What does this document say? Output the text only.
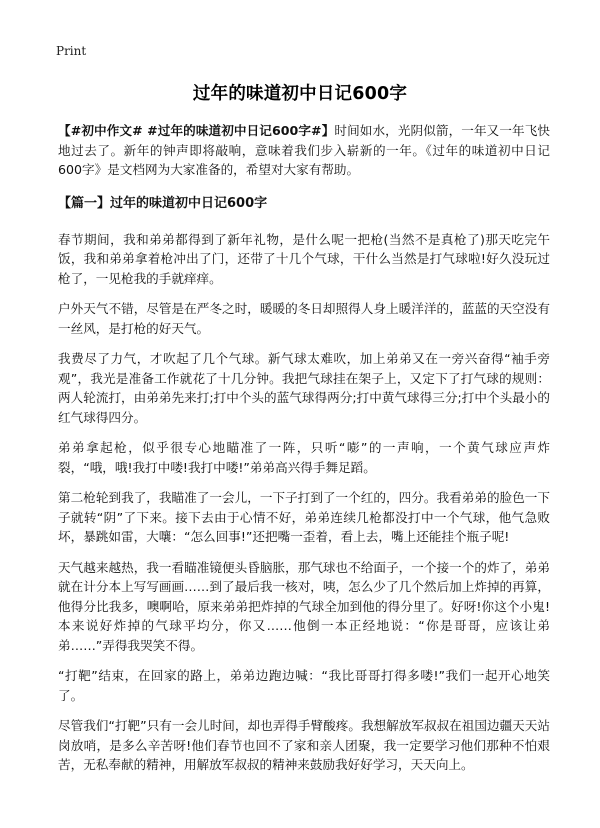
Print
过年的味道初中日记600字

【#初中作文# #过年的味道初中日记600字#】时间如水，光阴似箭，一年又一年飞快地过去了。新年的钟声即将敲响，意味着我们步入崭新的一年。《过年的味道初中日记600字》是文档网为大家准备的，希望对大家有帮助。

【篇一】过年的味道初中日记600字

春节期间，我和弟弟都得到了新年礼物，是什么呢一把枪(当然不是真枪了)那天吃完午饭，我和弟弟拿着枪冲出了门，还带了十几个气球，干什么当然是打气球啦!好久没玩过枪了，一见枪我的手就痒痒。

户外天气不错，尽管是在严冬之时，暖暖的冬日却照得人身上暖洋洋的，蓝蓝的天空没有一丝风，是打枪的好天气。

我费尽了力气，才吹起了几个气球。新气球太难吹，加上弟弟又在一旁兴奋得“袖手旁观”，我光是准备工作就花了十几分钟。我把气球挂在架子上，又定下了打气球的规则：两人轮流打，由弟弟先来打;打中个头的蓝气球得两分;打中黄气球得三分;打中个头最小的红气球得四分。

弟弟拿起枪，似乎很专心地瞄准了一阵，只听“嘭”的一声响，一个黄气球应声炸裂，“哦，哦!我打中喽!我打中喽!”弟弟高兴得手舞足蹈。

第二枪轮到我了，我瞄准了一会儿，一下子打到了一个红的，四分。我看弟弟的脸色一下子就转“阴”了下来。接下去由于心情不好，弟弟连续几枪都没打中一个气球，他气急败坏，暴跳如雷，大嚷：“怎么回事!”还把嘴一歪着，看上去，嘴上还能挂个瓶子呢!

天气越来越热，我一看瞄准镜便头昏脑胀，那气球也不给面子，一个接一个的炸了，弟弟就在计分本上写写画画……到了最后我一核对，咦，怎么少了几个然后加上炸掉的再算，他得分比我多，噢啊哈，原来弟弟把炸掉的气球全加到他的得分里了。好呀!你这个小鬼!本来说好炸掉的气球平均分，你又……他倒一本正经地说：“你是哥哥，应该让弟弟……”弄得我哭笑不得。

“打靶”结束，在回家的路上，弟弟边跑边喊：“我比哥哥打得多喽!”我们一起开心地笑了。

尽管我们“打靶”只有一会儿时间，却也弄得手臂酸疼。我想解放军叔叔在祖国边疆天天站岗放哨，是多么辛苦呀!他们春节也回不了家和亲人团聚，我一定要学习他们那种不怕艰苦，无私奉献的精神，用解放军叔叔的精神来鼓励我好好学习，天天向上。
